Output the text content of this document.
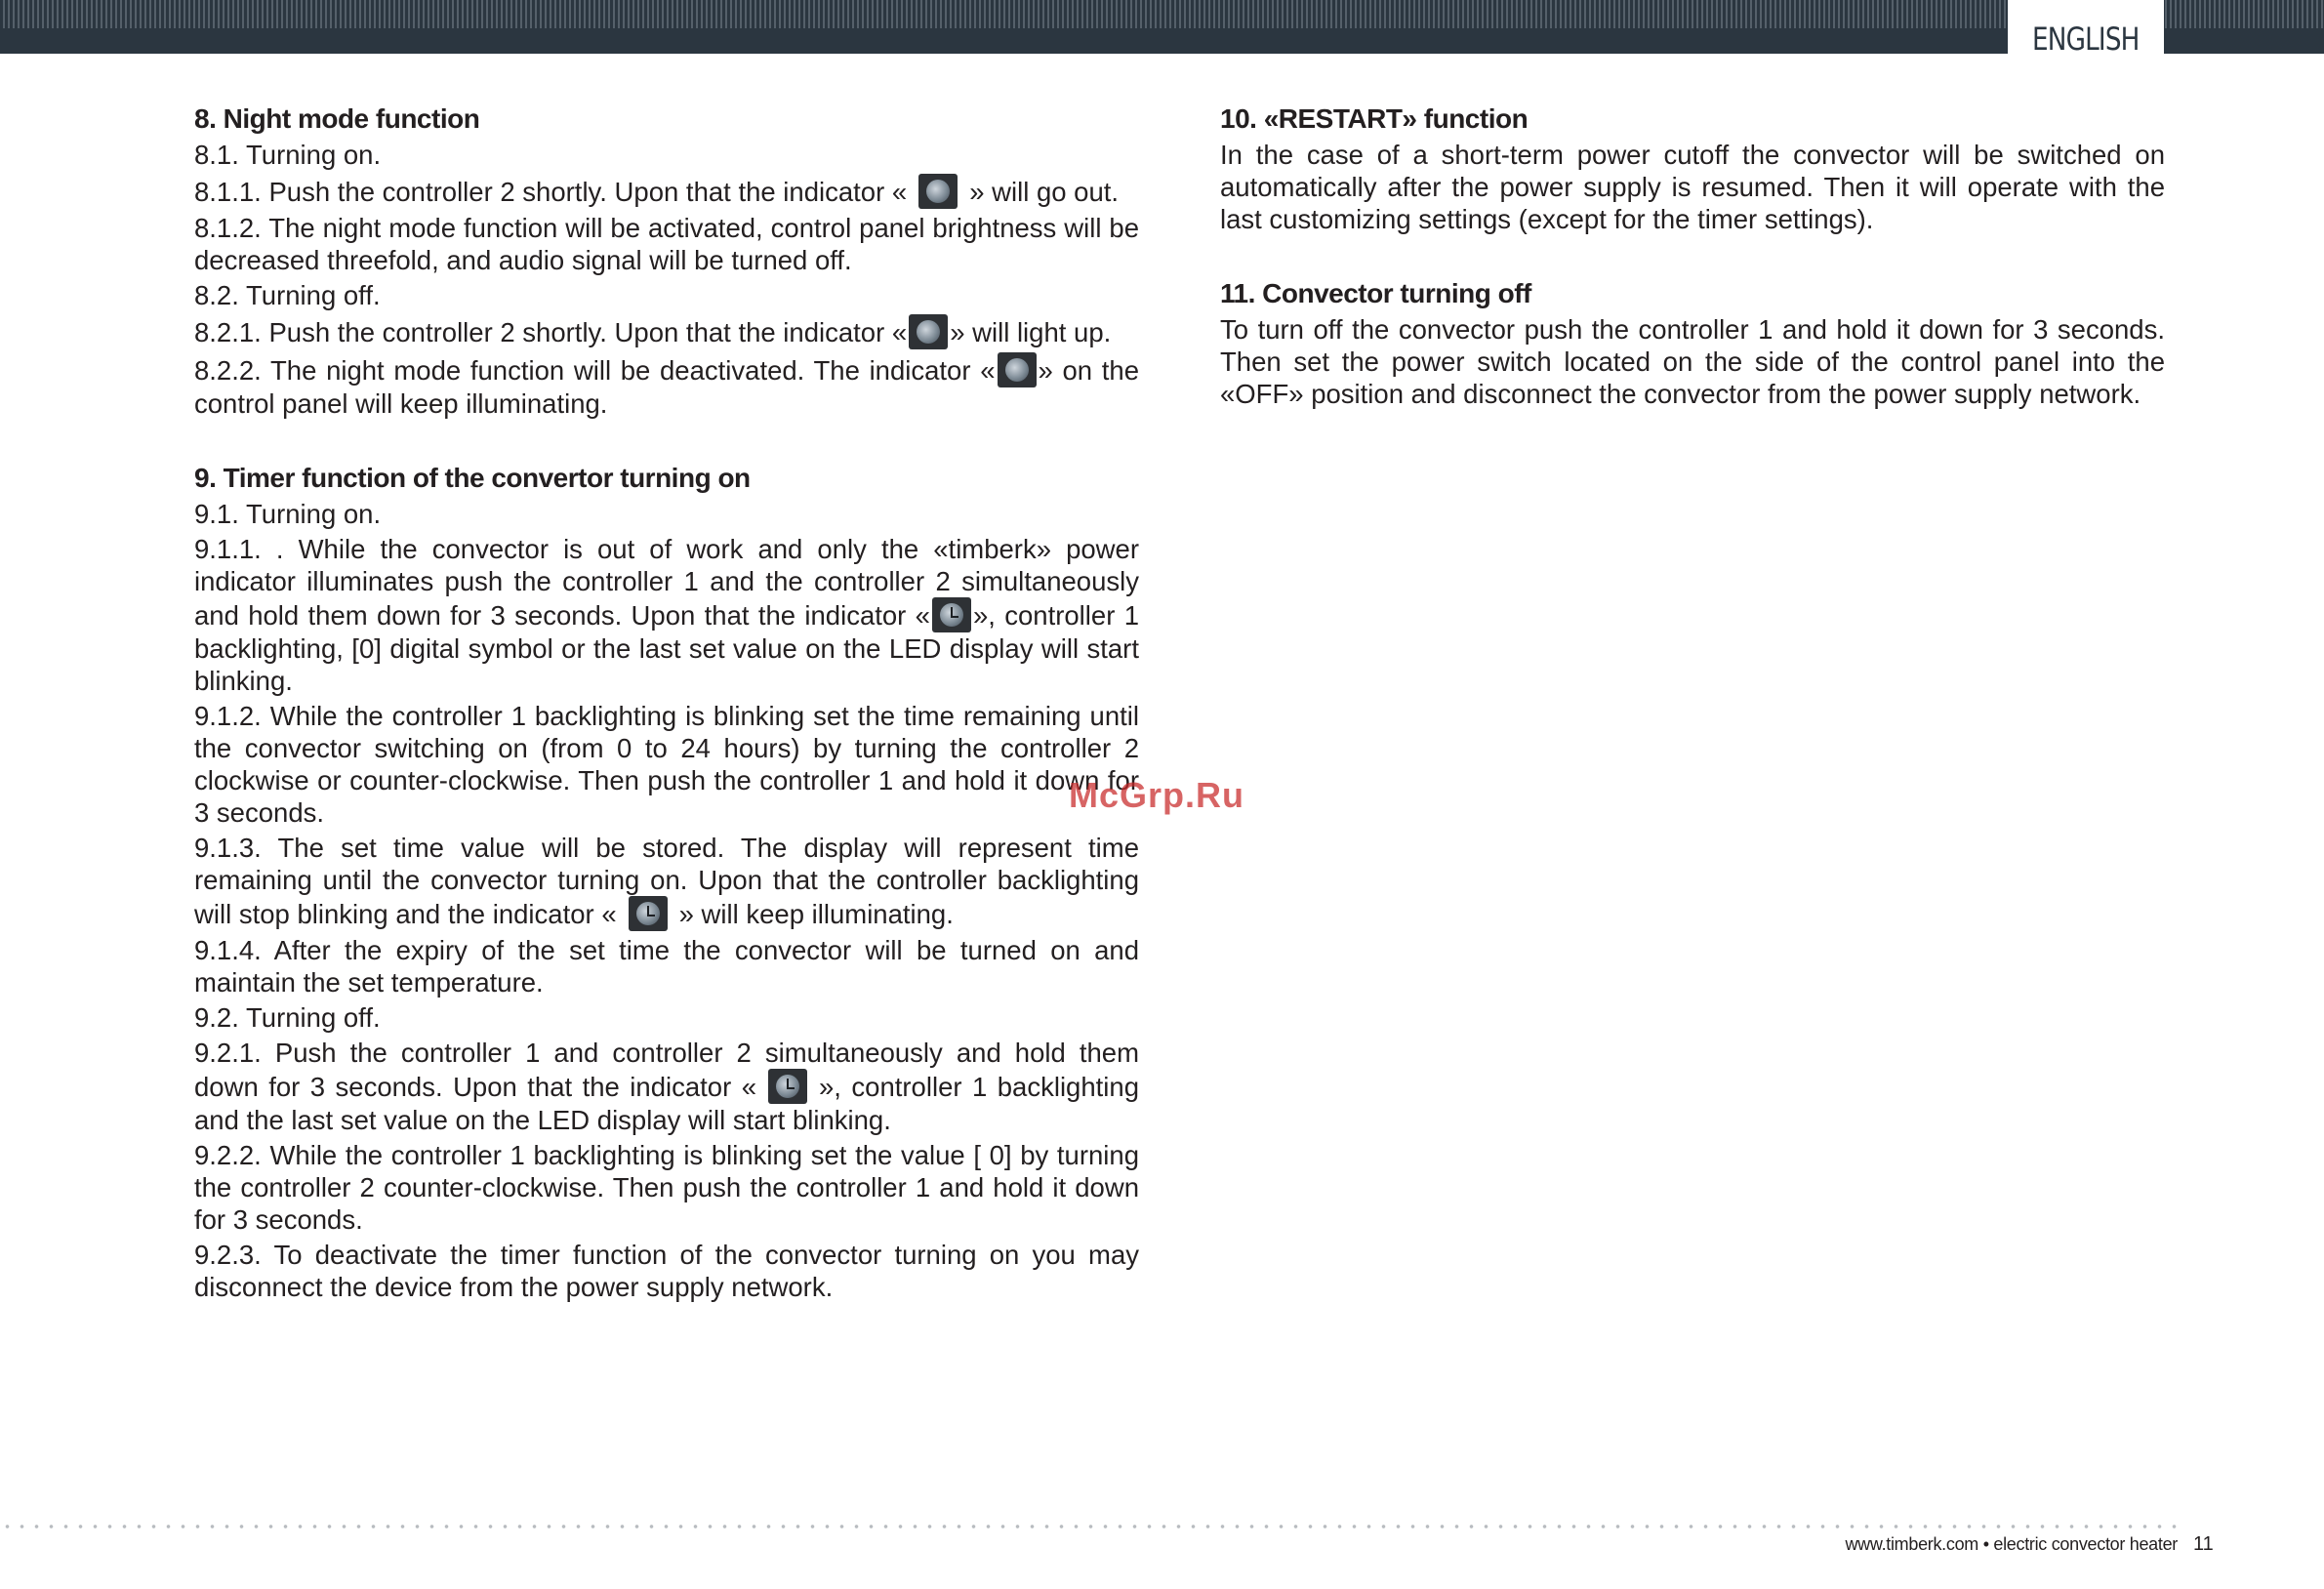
ENGLISH
8. Night mode function

8.1. Turning on.

8.1.1. Push the controller 2 shortly. Upon that the indicator « » will go out.

8.1.2. The night mode function will be activated, control panel brightness will be decreased threefold, and audio signal will be turned off.

8.2. Turning off.

8.2.1. Push the controller 2 shortly. Upon that the indicator « » will light up.

8.2.2. The night mode function will be deactivated. The indicator « » on the control panel will keep illuminating.

9. Timer function of the convertor turning on

9.1. Turning on.

9.1.1. . While the convector is out of work and only the «timberk» power indicator illuminates push the controller 1 and the controller 2 simultaneously and hold them down for 3 seconds. Upon that the indicator « », controller 1 backlighting, [0] digital symbol or the last set value on the LED display will start blinking.

9.1.2. While the controller 1 backlighting is blinking set the time remaining until the convector switching on (from 0 to 24 hours) by turning the controller 2 clockwise or counter-clockwise. Then push the controller 1 and hold it down for 3 seconds.

9.1.3. The set time value will be stored. The display will represent time remaining until the convector turning on. Upon that the controller backlighting will stop blinking and the indicator « » will keep illuminating.

9.1.4. After the expiry of the set time the convector will be turned on and maintain the set temperature.

9.2. Turning off.

9.2.1. Push the controller 1 and controller 2 simultaneously and hold them down for 3 seconds. Upon that the indicator « », controller 1 backlighting and the last set value on the LED display will start blinking.

9.2.2. While the controller 1 backlighting is blinking set the value [ 0] by turning the controller 2 counter-clockwise. Then push the controller 1 and hold it down for 3 seconds.

9.2.3. To deactivate the timer function of the convector turning on you may disconnect the device from the power supply network.

10. «RESTART» function

In the case of a short-term power cutoff the convector will be switched on automatically after the power supply is resumed. Then it will operate with the last customizing settings (except for the timer settings).

11. Convector turning off

To turn off the convector push the controller 1 and hold it down for 3 seconds. Then set the power switch located on the side of the control panel into the «OFF» position and disconnect the convector from the power supply network.

McGrp.Ru
www.timberk.com • electric convector heater 11
